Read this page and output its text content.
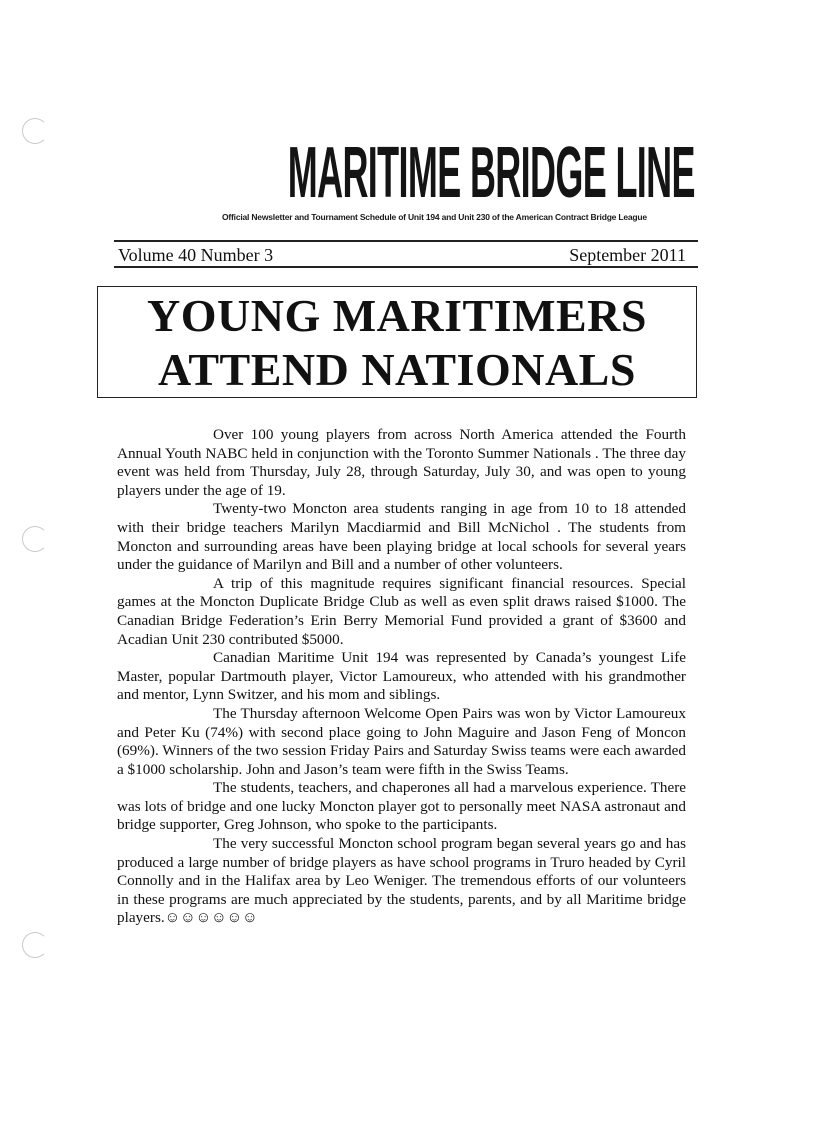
MARITIME BRIDGE LINE
Official Newsletter and Tournament Schedule of Unit 194 and Unit 230 of the American Contract Bridge League
Volume 40 Number 3	September 2011
YOUNG MARITIMERS
ATTEND NATIONALS

Over 100 young players from across North America attended the Fourth Annual Youth NABC held in conjunction with the Toronto Summer Nationals . The three day event was held from Thursday, July 28, through Saturday, July 30, and was open to young players under the age of 19.

Twenty-two Moncton area students ranging in age from 10 to 18 attended with their bridge teachers Marilyn Macdiarmid and Bill McNichol . The students from Moncton and surrounding areas have been playing bridge at local schools for several years under the guidance of Marilyn and Bill and a number of other volunteers.

A trip of this magnitude requires significant financial resources. Special games at the Moncton Duplicate Bridge Club as well as even split draws raised $1000. The Canadian Bridge Federation’s Erin Berry Memorial Fund provided a grant of $3600 and Acadian Unit 230 contributed $5000.

Canadian Maritime Unit 194 was represented by Canada’s youngest Life Master, popular Dartmouth player, Victor Lamoureux, who attended with his grandmother and mentor, Lynn Switzer, and his mom and siblings.

The Thursday afternoon Welcome Open Pairs was won by Victor Lamoureux and Peter Ku (74%) with second place going to John Maguire and Jason Feng of Moncon (69%). Winners of the two session Friday Pairs and Saturday Swiss teams were each awarded a $1000 scholarship. John and Jason’s team were fifth in the Swiss Teams.

The students, teachers, and chaperones all had a marvelous experience. There was lots of bridge and one lucky Moncton player got to personally meet NASA astronaut and bridge supporter, Greg Johnson, who spoke to the participants.

The very successful Moncton school program began several years go and has produced a large number of bridge players as have school programs in Truro headed by Cyril Connolly and in the Halifax area by Leo Weniger. The tremendous efforts of our volunteers in these programs are much appreciated by the students, parents, and by all Maritime bridge players.☺☺☺☺☺☺
